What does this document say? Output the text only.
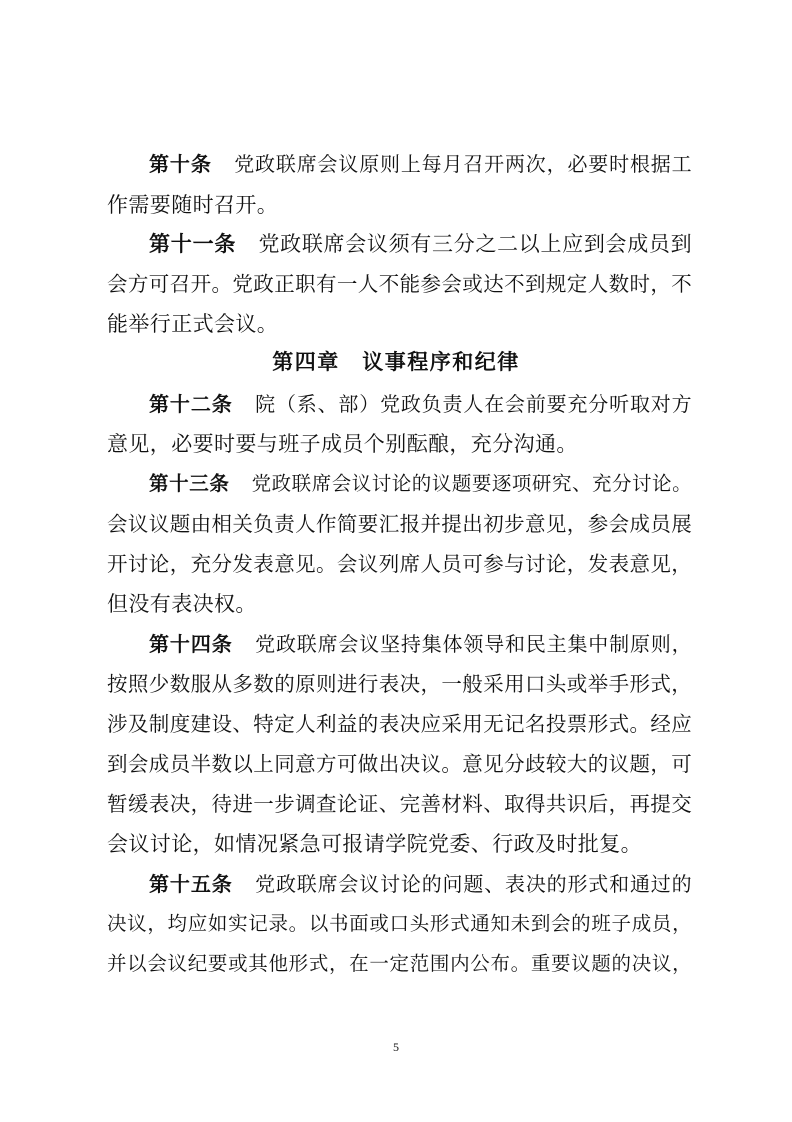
第十条 党政联席会议原则上每月召开两次，必要时根据工
作需要随时召开。
第十一条 党政联席会议须有三分之二以上应到会成员到
会方可召开。党政正职有一人不能参会或达不到规定人数时，不
能举行正式会议。
第四章　议事程序和纪律
第十二条 院（系、部）党政负责人在会前要充分听取对方
意见，必要时要与班子成员个别酝酿，充分沟通。
第十三条 党政联席会议讨论的议题要逐项研究、充分讨论。
会议议题由相关负责人作简要汇报并提出初步意见，参会成员展
开讨论，充分发表意见。会议列席人员可参与讨论，发表意见，
但没有表决权。
第十四条 党政联席会议坚持集体领导和民主集中制原则，
按照少数服从多数的原则进行表决，一般采用口头或举手形式，
涉及制度建设、特定人利益的表决应采用无记名投票形式。经应
到会成员半数以上同意方可做出决议。意见分歧较大的议题，可
暂缓表决，待进一步调查论证、完善材料、取得共识后，再提交
会议讨论，如情况紧急可报请学院党委、行政及时批复。
第十五条 党政联席会议讨论的问题、表决的形式和通过的
决议，均应如实记录。以书面或口头形式通知未到会的班子成员，
并以会议纪要或其他形式，在一定范围内公布。重要议题的决议，
5
